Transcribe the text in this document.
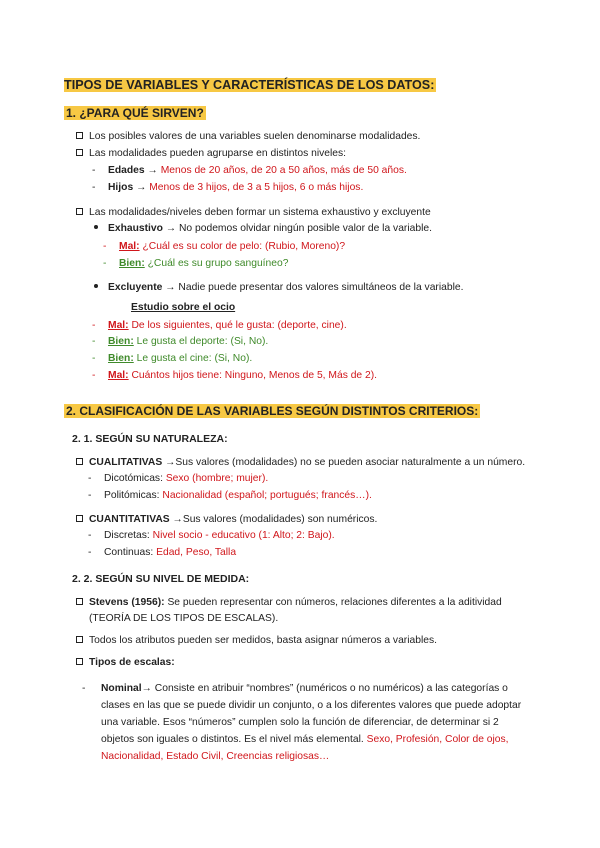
TIPOS DE VARIABLES Y CARACTERÍSTICAS DE LOS DATOS:
1. ¿PARA QUÉ SIRVEN?
Los posibles valores de una variables suelen denominarse modalidades.
Las modalidades pueden agruparse en distintos niveles:
- Edades → Menos de 20 años, de 20 a 50 años, más de 50 años.
- Hijos → Menos de 3 hijos, de 3 a 5 hijos, 6 o más hijos.
Las modalidades/niveles deben formar un sistema exhaustivo y excluyente
Exhaustivo → No podemos olvidar ningún posible valor de la variable.
- Mal: ¿Cuál es su color de pelo: (Rubio, Moreno)?
- Bien: ¿Cuál es su grupo sanguíneo?
Excluyente → Nadie puede presentar dos valores simultáneos de la variable.
Estudio sobre el ocio
- Mal: De los siguientes, qué le gusta: (deporte, cine).
- Bien: Le gusta el deporte: (Si, No).
- Bien: Le gusta el cine: (Si, No).
- Mal: Cuántos hijos tiene: Ninguno, Menos de 5, Más de 2).
2. CLASIFICACIÓN DE LAS VARIABLES SEGÚN DISTINTOS CRITERIOS:
2. 1. SEGÚN SU NATURALEZA:
CUALITATIVAS →Sus valores (modalidades) no se pueden asociar naturalmente a un número.
- Dicotómicas: Sexo (hombre; mujer).
- Politómicas: Nacionalidad (español; portugués; francés…).
CUANTITATIVAS →Sus valores (modalidades) son numéricos.
- Discretas: Nivel socio - educativo (1: Alto; 2: Bajo).
- Continuas: Edad, Peso, Talla
2. 2. SEGÚN SU NIVEL DE MEDIDA:
Stevens (1956): Se pueden representar con números, relaciones diferentes a la aditividad
(TEORÍA DE LOS TIPOS DE ESCALAS).
Todos los atributos pueden ser medidos, basta asignar números a variables.
Tipos de escalas:
- Nominal→ Consiste en atribuir “nombres” (numéricos o no numéricos) a las categorías o
clases en las que se puede dividir un conjunto, o a los diferentes valores que puede adoptar
una variable. Esos “números” cumplen solo la función de diferenciar, de determinar si 2
objetos son iguales o distintos. Es el nivel más elemental. Sexo, Profesión, Color de ojos,
Nacionalidad, Estado Civil, Creencias religiosas…
